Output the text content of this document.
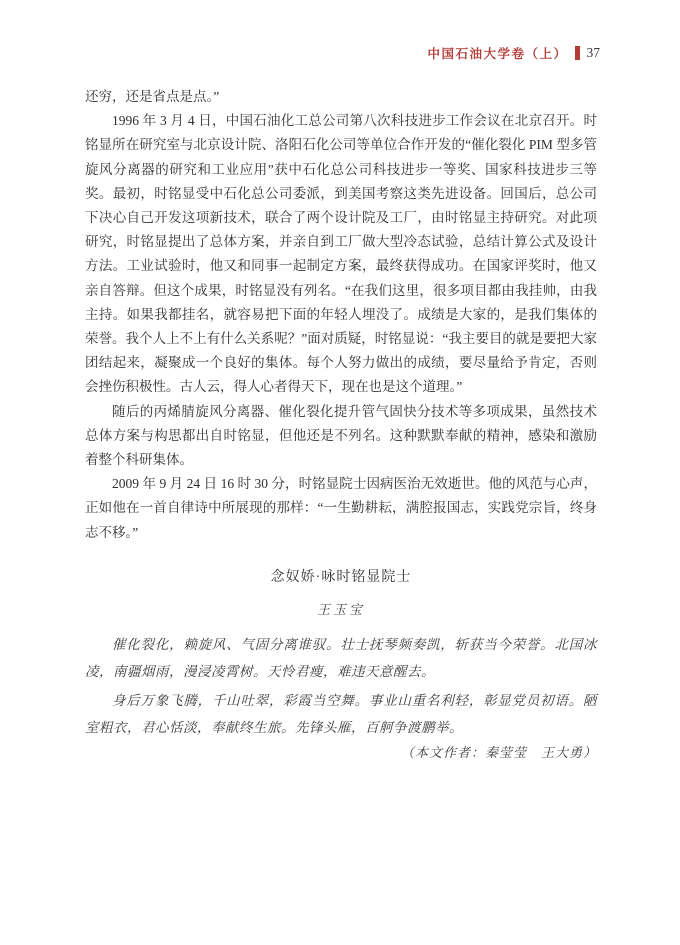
中国石油大学卷（上） 37

还穷，还是省点是点。”

1996 年 3 月 4 日，中国石油化工总公司第八次科技进步工作会议在北京召开。时铭显所在研究室与北京设计院、洛阳石化公司等单位合作开发的“催化裂化 PIM 型多管旋风分离器的研究和工业应用”获中石化总公司科技进步一等奖、国家科技进步三等奖。最初，时铭显受中石化总公司委派，到美国考察这类先进设备。回国后，总公司下决心自己开发这项新技术，联合了两个设计院及工厂，由时铭显主持研究。对此项研究，时铭显提出了总体方案，并亲自到工厂做大型冷态试验，总结计算公式及设计方法。工业试验时，他又和同事一起制定方案，最终获得成功。在国家评奖时，他又亲自答辩。但这个成果，时铭显没有列名。“在我们这里，很多项目都由我挂帅，由我主持。如果我都挂名，就容易把下面的年轻人埋没了。成绩是大家的，是我们集体的荣誉。我个人上不上有什么关系呢？”面对质疑，时铭显说：“我主要目的就是要把大家团结起来，凝聚成一个良好的集体。每个人努力做出的成绩，要尽量给予肯定，否则会挫伤积极性。古人云，得人心者得天下，现在也是这个道理。”

随后的丙烯腈旋风分离器、催化裂化提升管气固快分技术等多项成果，虽然技术总体方案与构思都出自时铭显，但他还是不列名。这种默默奉献的精神，感染和激励着整个科研集体。

2009 年 9 月 24 日 16 时 30 分，时铭显院士因病医治无效逝世。他的风范与心声，正如他在一首自律诗中所展现的那样：“一生勤耕耘，满腔报国志，实践党宗旨，终身志不移。”

念奴娇·咏时铭显院士
王玉宝

催化裂化，赖旋风、气固分离谁驭。壮士抚琴频奏凯，斩获当今荣誉。北国冰凌，南疆烟雨，漫浸凌霄树。天怜君瘦，难违天意醒去。

身后万象飞腾，千山吐翠，彩霞当空舞。事业山重名利轻，彰显党员初语。陋室粗衣，君心恬淡，奉献终生旅。先锋头雁，百舸争渡鹏举。

（本文作者：秦莹莹　王大勇）
